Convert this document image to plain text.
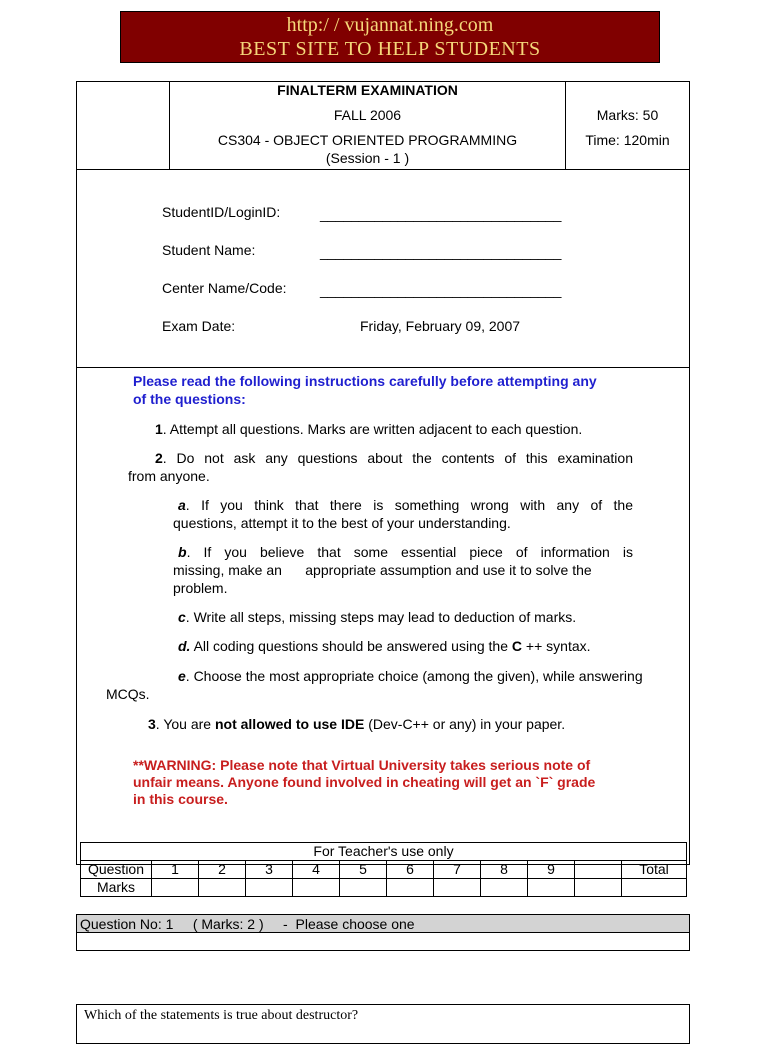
http:/ / vujannat.ning.com
BEST SITE TO HELP STUDENTS
FINALTERM EXAMINATION
FALL 2006
CS304 - OBJECT ORIENTED PROGRAMMING
(Session - 1 )
Marks: 50
Time: 120min
StudentID/LoginID:	_______________________________
Student Name:	_______________________________
Center Name/Code: _______________________________
Exam Date:	Friday, February 09, 2007
Please read the following instructions carefully before attempting any
of the questions:
1. Attempt all questions. Marks are written adjacent to each question.
2. Do not ask any questions about the contents of this examination
from anyone.
a. If you think that there is something wrong with any of the
questions, attempt it to the best of your understanding.
b. If you believe that some essential piece of information is
missing, make an      appropriate assumption and use it to solve the
problem.
c. Write all steps, missing steps may lead to deduction of marks.
d. All coding questions should be answered using the C ++ syntax.
e. Choose the most appropriate choice (among the given), while answering
MCQs.
3. You are not allowed to use IDE (Dev-C++ or any) in your paper.
**WARNING: Please note that Virtual University takes serious note of
unfair means. Anyone found involved in cheating will get an `F` grade
in this course.
For Teacher's use only											
Question	1	2	3	4	5	6	7	8	9		Total
Marks											
Question No: 1     ( Marks: 2 )     -  Please choose one
Which of the statements is true about destructor?
